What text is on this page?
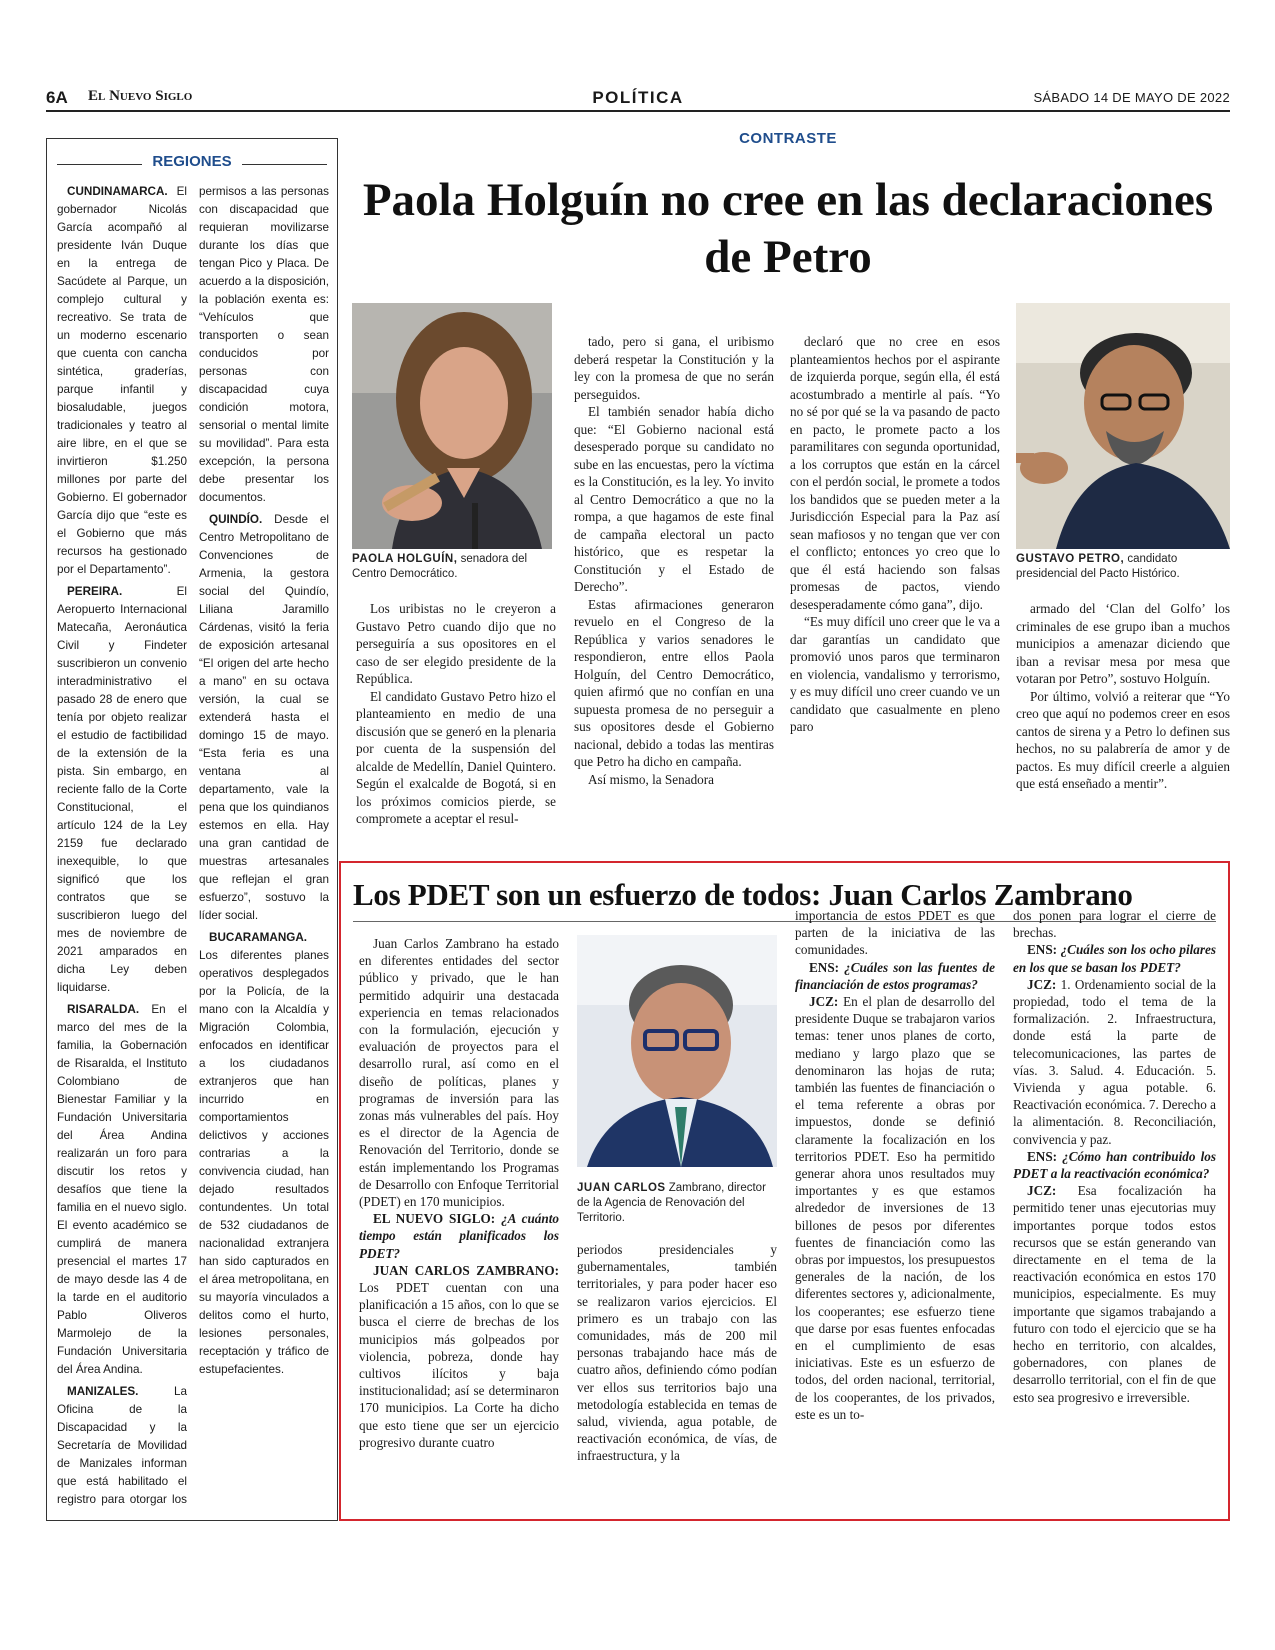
6A El Nuevo Siglo	POLÍTICA	SÁBADO 14 DE MAYO DE 2022
REGIONES

CUNDINAMARCA. El gobernador Nicolás García acompañó al presidente Iván Duque en la entrega de Sacúdete al Parque, un complejo cultural y recreativo. Se trata de un moderno escenario que cuenta con cancha sintética, graderías, parque infantil y biosaludable, juegos tradicionales y teatro al aire libre, en el que se invirtieron $1.250 millones por parte del Gobierno. El gobernador García dijo que “este es el Gobierno que más recursos ha gestionado por el Departamento”.

PEREIRA. El Aeropuerto Internacional Matecaña, Aeronáutica Civil y Findeter suscribieron un convenio interadministrativo el pasado 28 de enero que tenía por objeto realizar el estudio de factibilidad de la extensión de la pista. Sin embargo, en reciente fallo de la Corte Constitucional, el artículo 124 de la Ley 2159 fue declarado inexequible, lo que significó que los contratos que se suscribieron luego del mes de noviembre de 2021 amparados en dicha Ley deben liquidarse.

RISARALDA. En el marco del mes de la familia, la Gobernación de Risaralda, el Instituto Colombiano de Bienestar Familiar y la Fundación Universitaria del Área Andina realizarán un foro para discutir los retos y desafíos que tiene la familia en el nuevo siglo. El evento académico se cumplirá de manera presencial el martes 17 de mayo desde las 4 de la tarde en el auditorio Pablo Oliveros Marmolejo de la Fundación Universitaria del Área Andina.

MANIZALES. La Oficina de la Discapacidad y la Secretaría de Movilidad de Manizales informan que está habilitado el registro para otorgar los permisos a las personas con discapacidad que requieran movilizarse durante los días que tengan Pico y Placa. De acuerdo a la disposición, la población exenta es: “Vehículos que transporten o sean conducidos por personas con discapacidad cuya condición motora, sensorial o mental limite su movilidad”. Para esta excepción, la persona debe presentar los documentos.

QUINDÍO. Desde el Centro Metropolitano de Convenciones de Armenia, la gestora social del Quindío, Liliana Jaramillo Cárdenas, visitó la feria de exposición artesanal “El origen del arte hecho a mano” en su octava versión, la cual se extenderá hasta el domingo 15 de mayo. “Esta feria es una ventana al departamento, vale la pena que los quindianos estemos en ella. Hay una gran cantidad de muestras artesanales que reflejan el gran esfuerzo”, sostuvo la líder social.

BUCARAMANGA. Los diferentes planes operativos desplegados por la Policía, de la mano con la Alcaldía y Migración Colombia, enfocados en identificar a los ciudadanos extranjeros que han incurrido en comportamientos delictivos y acciones contrarias a la convivencia ciudad, han dejado resultados contundentes. Un total de 532 ciudadanos de nacionalidad extranjera han sido capturados en el área metropolitana, en su mayoría vinculados a delitos como el hurto, lesiones personales, receptación y tráfico de estupefacientes.

CONTRASTE
Paola Holguín no cree en las declaraciones de Petro
PAOLA HOLGUÍN, senadora del Centro Democrático.
GUSTAVO PETRO, candidato presidencial del Pacto Histórico.

Los uribistas no le creyeron a Gustavo Petro cuando dijo que no perseguiría a sus opositores en el caso de ser elegido presidente de la República.

El candidato Gustavo Petro hizo el planteamiento en medio de una discusión que se generó en la plenaria por cuenta de la suspensión del alcalde de Medellín, Daniel Quintero. Según el exalcalde de Bogotá, si en los próximos comicios pierde, se compromete a aceptar el resul-

tado, pero si gana, el uribismo deberá respetar la Constitución y la ley con la promesa de que no serán perseguidos.

El también senador había dicho que: “El Gobierno nacional está desesperado porque su candidato no sube en las encuestas, pero la víctima es la Constitución, es la ley. Yo invito al Centro Democrático a que no la rompa, a que hagamos de este final de campaña electoral un pacto histórico, que es respetar la Constitución y el Estado de Derecho”.

Estas afirmaciones generaron revuelo en el Congreso de la República y varios senadores le respondieron, entre ellos Paola Holguín, del Centro Democrático, quien afirmó que no confían en una supuesta promesa de no perseguir a sus opositores desde el Gobierno nacional, debido a todas las mentiras que Petro ha dicho en campaña.

Así mismo, la Senadora

declaró que no cree en esos planteamientos hechos por el aspirante de izquierda porque, según ella, él está acostumbrado a mentirle al país. “Yo no sé por qué se la va pasando de pacto en pacto, le promete pacto a los paramilitares con segunda oportunidad, a los corruptos que están en la cárcel con el perdón social, le promete a todos los bandidos que se pueden meter a la Jurisdicción Especial para la Paz así sean mafiosos y no tengan que ver con el conflicto; entonces yo creo que lo que él está haciendo son falsas promesas de pactos, viendo desesperadamente cómo gana”, dijo.

“Es muy difícil uno creer que le va a dar garantías un candidato que promovió unos paros que terminaron en violencia, vandalismo y terrorismo, y es muy difícil uno creer cuando ve un candidato que casualmente en pleno paro

armado del ‘Clan del Golfo’ los criminales de ese grupo iban a muchos municipios a amenazar diciendo que iban a revisar mesa por mesa que votaran por Petro”, sostuvo Holguín.

Por último, volvió a reiterar que “Yo creo que aquí no podemos creer en esos cantos de sirena y a Petro lo definen sus hechos, no su palabrería de amor y de pactos. Es muy difícil creerle a alguien que está enseñado a mentir”.

Los PDET son un esfuerzo de todos: Juan Carlos Zambrano

Juan Carlos Zambrano ha estado en diferentes entidades del sector público y privado, que le han permitido adquirir una destacada experiencia en temas relacionados con la formulación, ejecución y evaluación de proyectos para el desarrollo rural, así como en el diseño de políticas, planes y programas de inversión para las zonas más vulnerables del país. Hoy es el director de la Agencia de Renovación del Territorio, donde se están implementando los Programas de Desarrollo con Enfoque Territorial (PDET) en 170 municipios.

EL NUEVO SIGLO: ¿A cuánto tiempo están planificados los PDET?

JUAN CARLOS ZAMBRANO: Los PDET cuentan con una planificación a 15 años, con lo que se busca el cierre de brechas de los municipios más golpeados por violencia, pobreza, donde hay cultivos ilícitos y baja institucionalidad; así se determinaron 170 municipios. La Corte ha dicho que esto tiene que ser un ejercicio progresivo durante cuatro

JUAN CARLOS Zambrano, director de la Agencia de Renovación del Territorio.

periodos presidenciales y gubernamentales, también territoriales, y para poder hacer eso se realizaron varios ejercicios. El primero es un trabajo con las comunidades, más de 200 mil personas trabajando hace más de cuatro años, definiendo cómo podían ver ellos sus territorios bajo una metodología establecida en temas de salud, vivienda, agua potable, de reactivación económica, de vías, de infraestructura, y la

importancia de estos PDET es que parten de la iniciativa de las comunidades.

ENS: ¿Cuáles son las fuentes de financiación de estos programas?

JCZ: En el plan de desarrollo del presidente Duque se trabajaron varios temas: tener unos planes de corto, mediano y largo plazo que se denominaron las hojas de ruta; también las fuentes de financiación o el tema referente a obras por impuestos, donde se definió claramente la focalización en los territorios PDET. Eso ha permitido generar ahora unos resultados muy importantes y es que estamos alrededor de inversiones de 13 billones de pesos por diferentes fuentes de financiación como las obras por impuestos, los presupuestos generales de la nación, de los diferentes sectores y, adicionalmente, los cooperantes; ese esfuerzo tiene que darse por esas fuentes enfocadas en el cumplimiento de esas iniciativas. Este es un esfuerzo de todos, del orden nacional, territorial, de los cooperantes, de los privados, este es un to-

dos ponen para lograr el cierre de brechas.

ENS: ¿Cuáles son los ocho pilares en los que se basan los PDET?

JCZ: 1. Ordenamiento social de la propiedad, todo el tema de la formalización. 2. Infraestructura, donde está la parte de telecomunicaciones, las partes de vías. 3. Salud. 4. Educación. 5. Vivienda y agua potable. 6. Reactivación económica. 7. Derecho a la alimentación. 8. Reconciliación, convivencia y paz.

ENS: ¿Cómo han contribuido los PDET a la reactivación económica?

JCZ: Esa focalización ha permitido tener unas ejecutorias muy importantes porque todos estos recursos que se están generando van directamente en el tema de la reactivación económica en estos 170 municipios, especialmente. Es muy importante que sigamos trabajando a futuro con todo el ejercicio que se ha hecho en territorio, con alcaldes, gobernadores, con planes de desarrollo territorial, con el fin de que esto sea progresivo e irreversible.
